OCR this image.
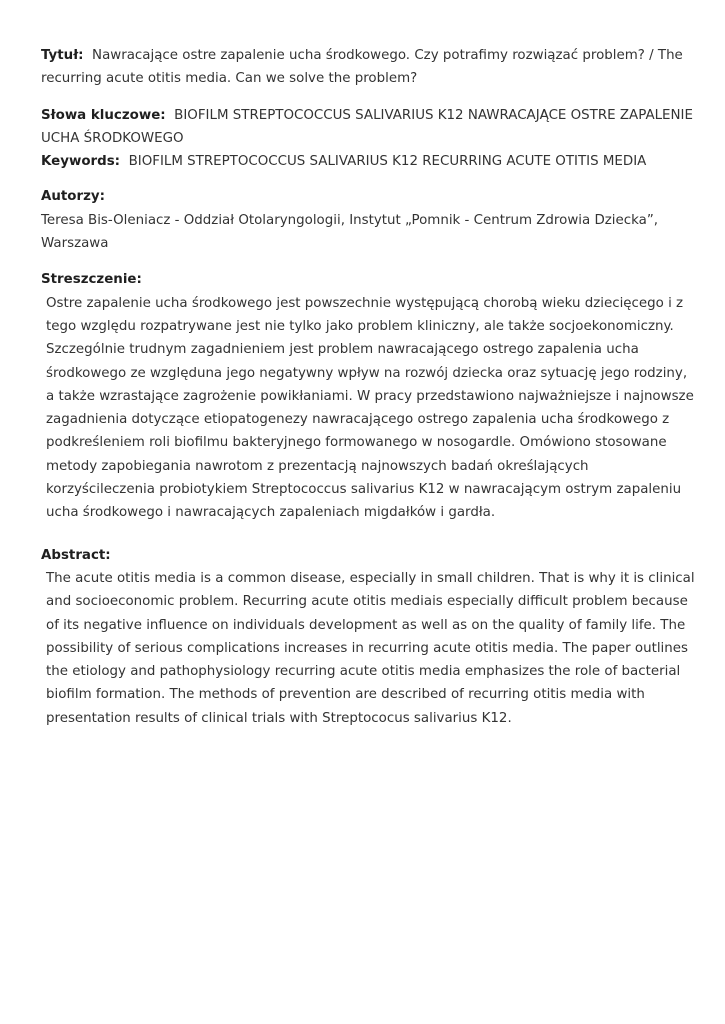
Tytuł: Nawracające ostre zapalenie ucha środkowego. Czy potrafimy rozwiązać problem? / The
recurring acute otitis media. Can we solve the problem?
Słowa kluczowe: BIOFILM STREPTOCOCCUS SALIVARIUS K12 NAWRACAJĄCE OSTRE ZAPALENIE
UCHA ŚRODKOWEGO
Keywords: BIOFILM STREPTOCOCCUS SALIVARIUS K12 RECURRING ACUTE OTITIS MEDIA
Autorzy:
Teresa Bis-Oleniacz - Oddział Otolaryngologii, Instytut „Pomnik - Centrum Zdrowia Dziecka”,
Warszawa
Streszczenie:
Ostre zapalenie ucha środkowego jest powszechnie występującą chorobą wieku dziecięcego i z
tego względu rozpatrywane jest nie tylko jako problem kliniczny, ale także socjoekonomiczny.
Szczególnie trudnym zagadnieniem jest problem nawracającego ostrego zapalenia ucha
środkowego ze względuna jego negatywny wpływ na rozwój dziecka oraz sytuację jego rodziny,
a także wzrastające zagrożenie powikłaniami. W pracy przedstawiono najważniejsze i najnowsze
zagadnienia dotyczące etiopatogenezy nawracającego ostrego zapalenia ucha środkowego z
podkreśleniem roli biofilmu bakteryjnego formowanego w nosogardle. Omówiono stosowane
metody zapobiegania nawrotom z prezentacją najnowszych badań określających
korzyścileczenia probiotykiem Streptococcus salivarius K12 w nawracającym ostrym zapaleniu
ucha środkowego i nawracających zapaleniach migdałków i gardła.
Abstract:
The acute otitis media is a common disease, especially in small children. That is why it is clinical
and socioeconomic problem. Recurring acute otitis mediais especially difficult problem because
of its negative influence on individuals development as well as on the quality of family life. The
possibility of serious complications increases in recurring acute otitis media. The paper outlines
the etiology and pathophysiology recurring acute otitis media emphasizes the role of bacterial
biofilm formation. The methods of prevention are described of recurring otitis media with
presentation results of clinical trials with Streptococus salivarius K12.
